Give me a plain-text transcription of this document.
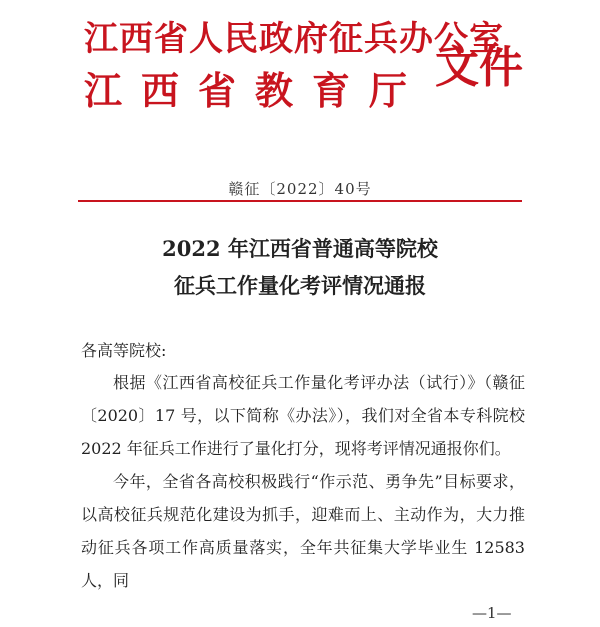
江西省人民政府征兵办公室
江西省教育厅 文件
赣征〔2022〕40号
2022 年江西省普通高等院校
征兵工作量化考评情况通报
各高等院校:

根据《江西省高校征兵工作量化考评办法（试行）》（赣征〔2020〕17 号，以下简称《办法》），我们对全省本专科院校 2022 年征兵工作进行了量化打分，现将考评情况通报你们。

今年，全省各高校积极践行“作示范、勇争先”目标要求，以高校征兵规范化建设为抓手，迎难而上、主动作为，大力推动征兵各项工作高质量落实，全年共征集大学毕业生 12583 人，同

—1—
